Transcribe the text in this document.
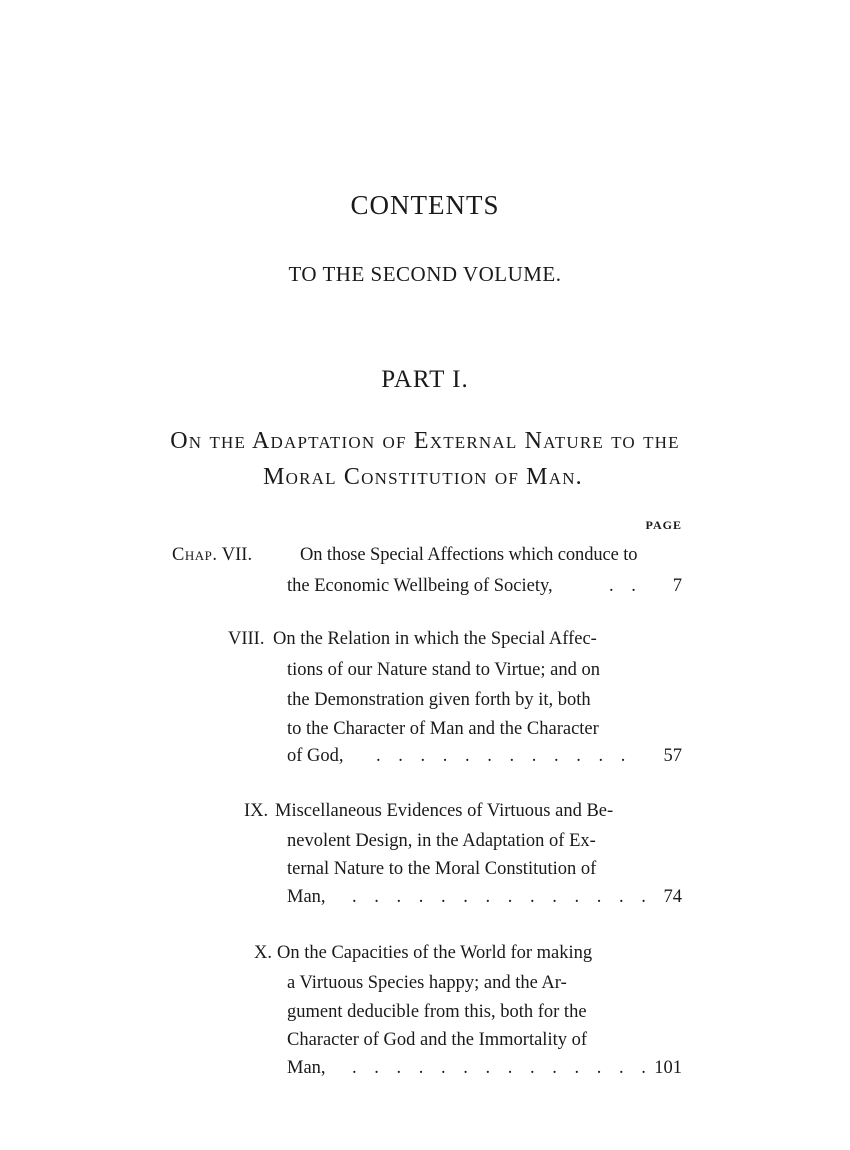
CONTENTS
TO THE SECOND VOLUME.
PART I.
On the Adaptation of External Nature to the
Moral Constitution of Man.
PAGE
Chap. VII.	On those Special Affections which conduce to
the Economic Wellbeing of Society,	. . 7
VIII. On the Relation in which the Special Affec-
tions of our Nature stand to Virtue; and on
the Demonstration given forth by it, both
to the Character of Man and the Character
of God, . . . . . . . . . . . . 57
IX. Miscellaneous Evidences of Virtuous and Be-
nevolent Design, in the Adaptation of Ex-
ternal Nature to the Moral Constitution of
Man, . . . . . . . . . . . . . . 74
X. On the Capacities of the World for making
a Virtuous Species happy; and the Ar-
gument deducible from this, both for the
Character of God and the Immortality of
Man, . . . . . . . . . . . . . . 101
